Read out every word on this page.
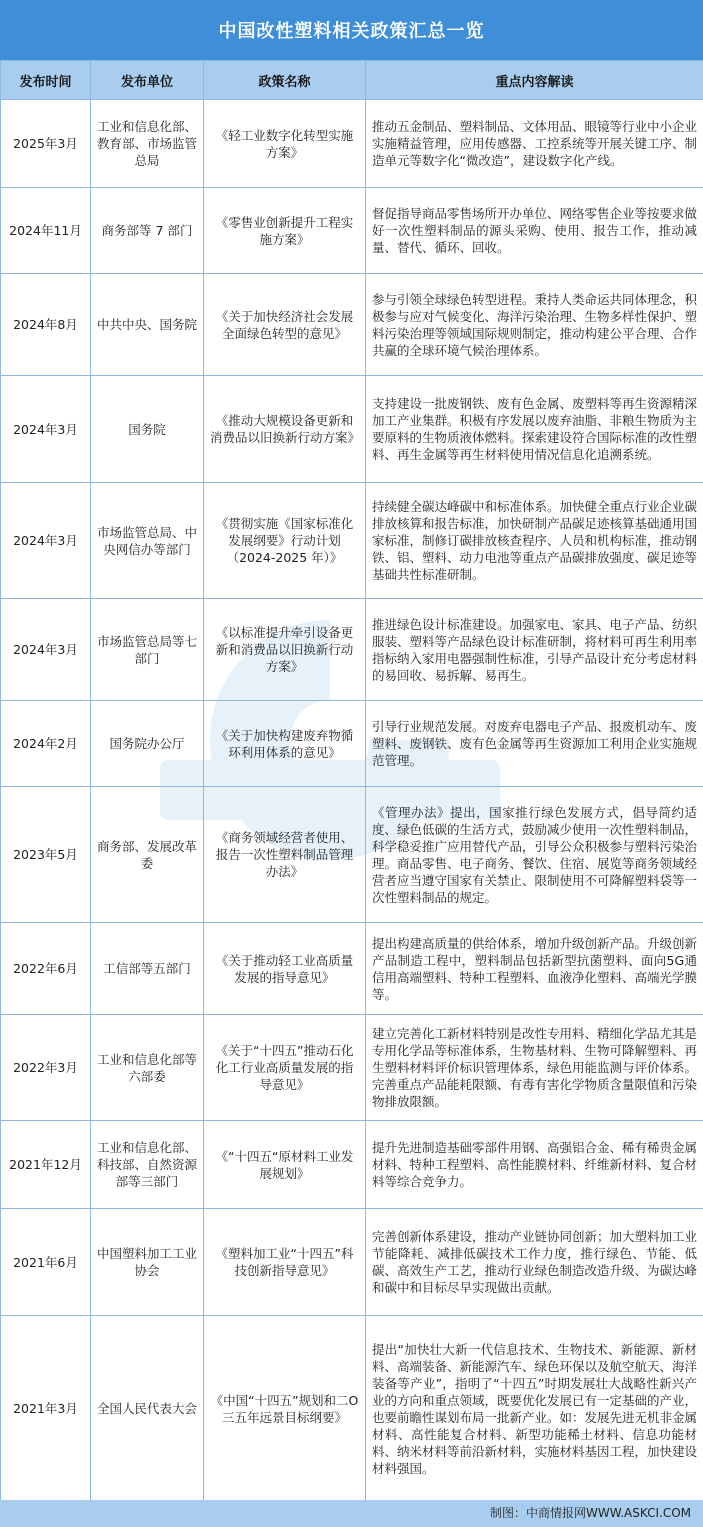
中国改性塑料相关政策汇总一览
发布时间	发布单位	政策名称	重点内容解读
2025年3月	工业和信息化部、教育部、市场监管总局	《轻工业数字化转型实施方案》	推动五金制品、塑料制品、文体用品、眼镜等行业中小企业实施精益管理，应用传感器、工控系统等开展关键工序、制造单元等数字化“微改造”，建设数字化产线。
2024年11月	商务部等 7 部门	《零售业创新提升工程实施方案》	督促指导商品零售场所开办单位、网络零售企业等按要求做好一次性塑料制品的源头采购、使用、报告工作，推动减量、替代、循环、回收。
2024年8月	中共中央、国务院	《关于加快经济社会发展全面绿色转型的意见》	参与引领全球绿色转型进程。秉持人类命运共同体理念，积极参与应对气候变化、海洋污染治理、生物多样性保护、塑料污染治理等领域国际规则制定，推动构建公平合理、合作共赢的全球环境气候治理体系。
2024年3月	国务院	《推动大规模设备更新和消费品以旧换新行动方案》	支持建设一批废钢铁、废有色金属、废塑料等再生资源精深加工产业集群。积极有序发展以废弃油脂、非粮生物质为主要原料的生物质液体燃料。探索建设符合国际标准的改性塑料、再生金属等再生材料使用情况信息化追溯系统。
2024年3月	市场监管总局、中央网信办等部门	《贯彻实施《国家标准化发展纲要》行动计划（2024-2025 年）》	持续健全碳达峰碳中和标准体系。加快健全重点行业企业碳排放核算和报告标准，加快研制产品碳足迹核算基础通用国家标准，制修订碳排放核查程序、人员和机构标准，推动钢铁、铝、塑料、动力电池等重点产品碳排放强度、碳足迹等基础共性标准研制。
2024年3月	市场监管总局等七部门	《以标准提升牵引设备更新和消费品以旧换新行动方案》	推进绿色设计标准建设。加强家电、家具、电子产品、纺织服装、塑料等产品绿色设计标准研制，将材料可再生利用率指标纳入家用电器强制性标准，引导产品设计充分考虑材料的易回收、易拆解、易再生。
2024年2月	国务院办公厅	《关于加快构建废弃物循环利用体系的意见》	引导行业规范发展。对废弃电器电子产品、报废机动车、废塑料、废钢铁、废有色金属等再生资源加工利用企业实施规范管理。
2023年5月	商务部、发展改革委	《商务领域经营者使用、报告一次性塑料制品管理办法》	《管理办法》提出，国家推行绿色发展方式，倡导简约适度、绿色低碳的生活方式，鼓励减少使用一次性塑料制品，科学稳妥推广应用替代产品，引导公众积极参与塑料污染治理。商品零售、电子商务、餐饮、住宿、展览等商务领域经营者应当遵守国家有关禁止、限制使用不可降解塑料袋等一次性塑料制品的规定。
2022年6月	工信部等五部门	《关于推动轻工业高质量发展的指导意见》	提出构建高质量的供给体系，增加升级创新产品。升级创新产品制造工程中，塑料制品包括新型抗菌塑料、面向5G通信用高端塑料、特种工程塑料、血液净化塑料、高端光学膜等。
2022年3月	工业和信息化部等六部委	《关于“十四五”推动石化化工行业高质量发展的指导意见》	建立完善化工新材料特别是改性专用料、精细化学品尤其是专用化学品等标准体系，生物基材料、生物可降解塑料、再生塑料材料评价标识管理体系，绿色用能监测与评价体系。完善重点产品能耗限额、有毒有害化学物质含量限值和污染物排放限额。
2021年12月	工业和信息化部、科技部、自然资源部等三部门	《“十四五“原材料工业发展规划》	提升先进制造基础零部件用钢、高强铝合金、稀有稀贵金属材料、特种工程塑料、高性能膜材料、纤维新材料、复合材料等综合竞争力。
2021年6月	中国塑料加工工业协会	《塑料加工业“十四五”科技创新指导意见》	完善创新体系建设，推动产业链协同创新；加大塑料加工业节能降耗、减排低碳技术工作力度，推行绿色、节能、低碳、高效生产工艺，推动行业绿色制造改造升级、为碳达峰和碳中和目标尽早实现做出贡献。
2021年3月	全国人民代表大会	《中国“十四五”规划和二O三五年远景目标纲要》	提出“加快壮大新一代信息技术、生物技术、新能源、新材料、高端装备、新能源汽车、绿色环保以及航空航天、海洋装备等产业”，指明了“十四五”时期发展壮大战略性新兴产业的方向和重点领域，既要优化发展已有一定基础的产业，也要前瞻性谋划布局一批新产业。如：发展先进无机非金属材料、高性能复合材料、新型功能稀土材料、信息功能材料、纳米材料等前沿新材料，实施材料基因工程，加快建设材料强国。
制图：中商情报网WWW.ASKCI.COM
